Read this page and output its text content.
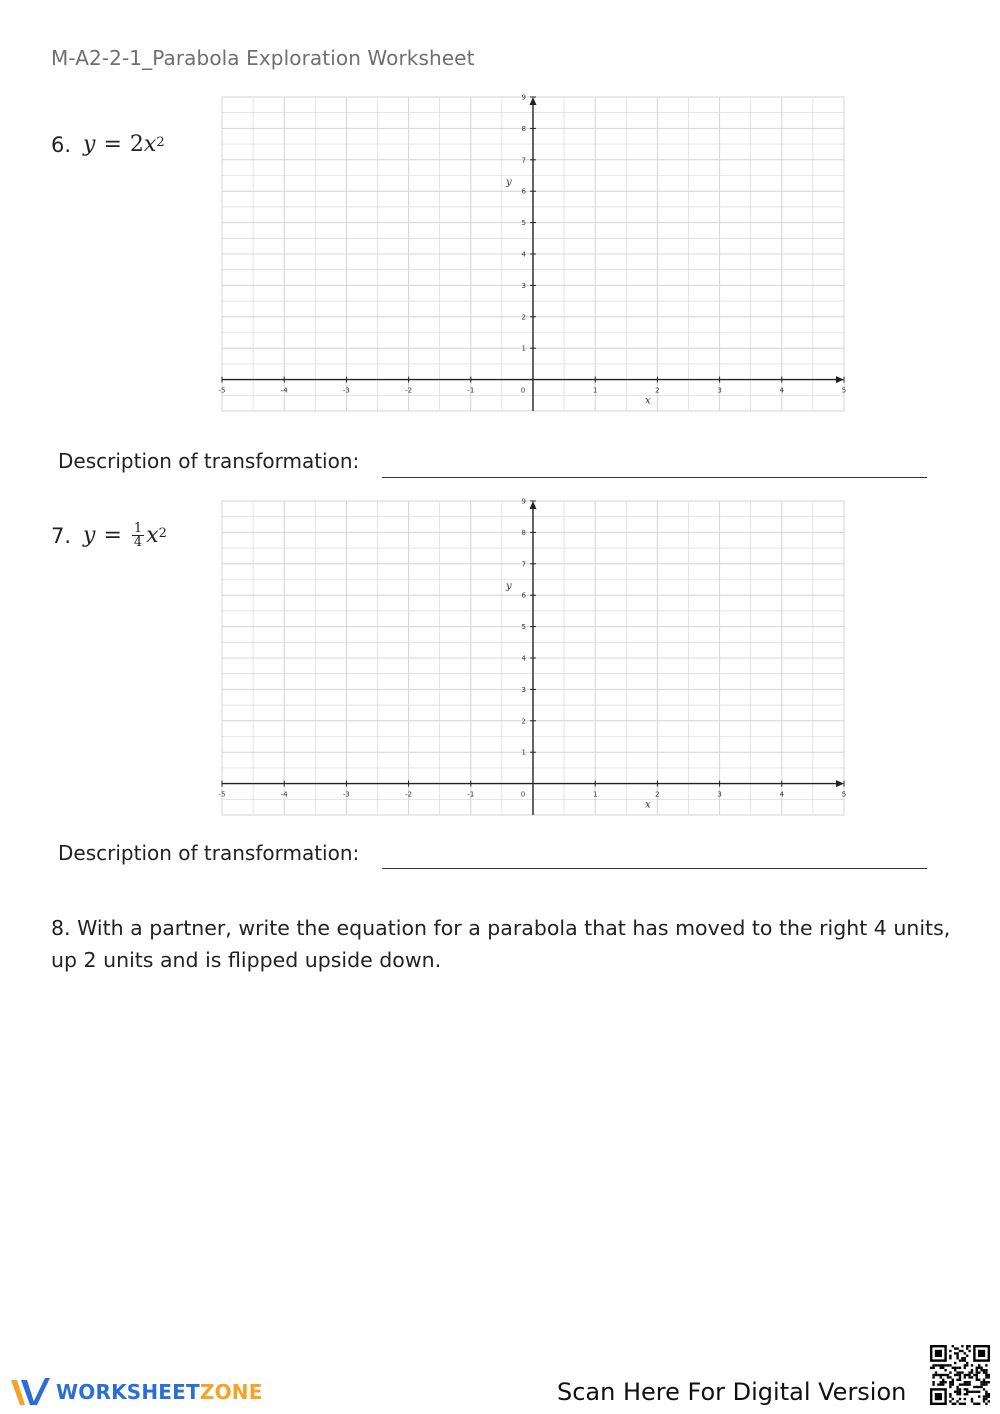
M-A2-2-1_Parabola Exploration Worksheet
6. y = 2 $x^2$
-5	-4	-3	-2	-1	0	1	2	3	4	5
1
2
3
4
5
6
7
8
9
x
y
Description of transformation:
7. $y = \frac{1}{4} x^2$
-5	-4	-3	-2	-1	0	1	2	3	4	5
1
2
3
4
5
6
7
8
9
x
y
Description of transformation:
8. With a partner, write the equation for a parabola that has moved to the right 4 units, up 2 units and is flipped upside down.
WORKSHEETZONE	Scan Here For Digital Version
